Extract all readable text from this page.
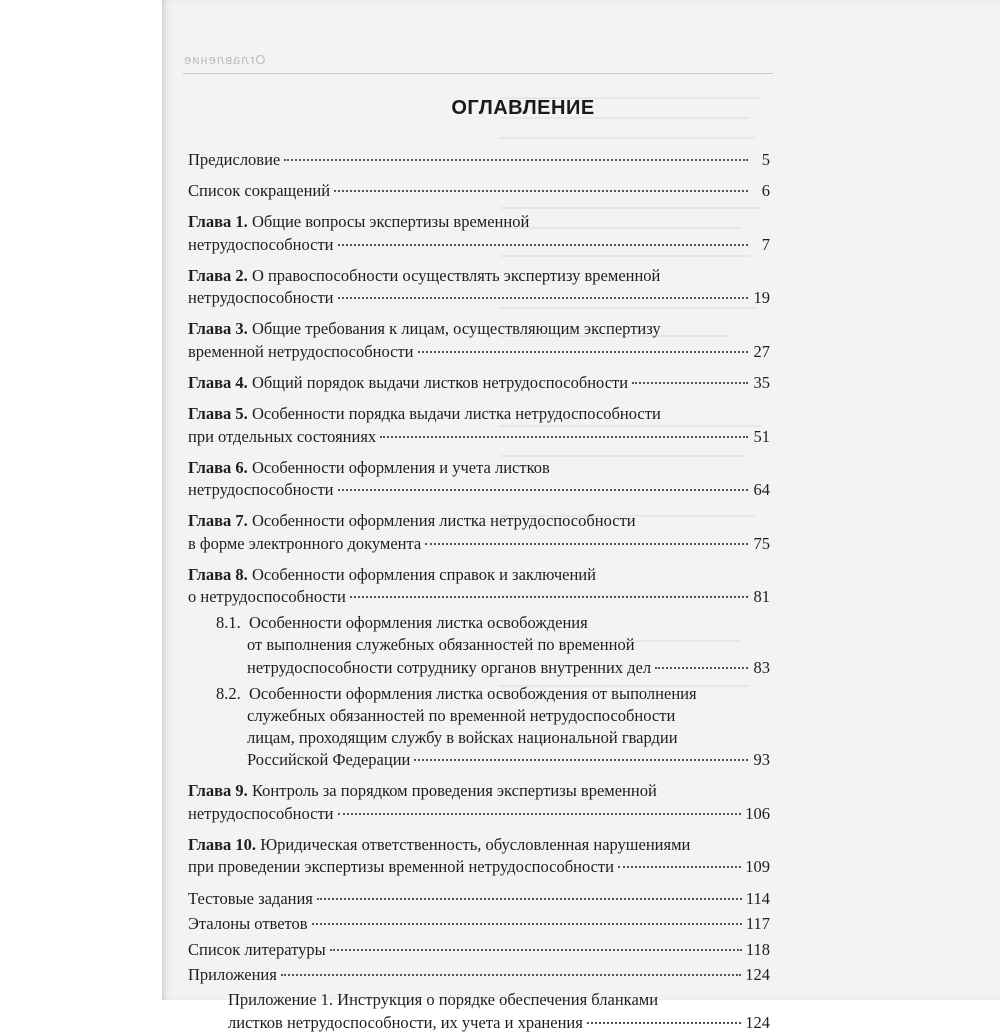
Оглавление
ОГЛАВЛЕНИЕ
Предисловие	5
Список сокращений	6
Глава 1. Общие вопросы экспертизы временной
нетрудоспособности	7
Глава 2. О правоспособности осуществлять экспертизу временной
нетрудоспособности	19
Глава 3. Общие требования к лицам, осуществляющим экспертизу
временной нетрудоспособности	27
Глава 4. Общий порядок выдачи листков нетрудоспособности	35
Глава 5. Особенности порядка выдачи листка нетрудоспособности
при отдельных состояниях	51
Глава 6. Особенности оформления и учета листков
нетрудоспособности	64
Глава 7. Особенности оформления листка нетрудоспособности
в форме электронного документа	75
Глава 8. Особенности оформления справок и заключений
о нетрудоспособности	81
8.1. Особенности оформления листка освобождения
от выполнения служебных обязанностей по временной
нетрудоспособности сотруднику органов внутренних дел	83
8.2. Особенности оформления листка освобождения от выполнения
служебных обязанностей по временной нетрудоспособности
лицам, проходящим службу в войсках национальной гвардии
Российской Федерации	93
Глава 9. Контроль за порядком проведения экспертизы временной
нетрудоспособности	106
Глава 10. Юридическая ответственность, обусловленная нарушениями
при проведении экспертизы временной нетрудоспособности	109
Тестовые задания	114
Эталоны ответов	117
Список литературы	118
Приложения	124
Приложение 1. Инструкция о порядке обеспечения бланками
листков нетрудоспособности, их учета и хранения	124
